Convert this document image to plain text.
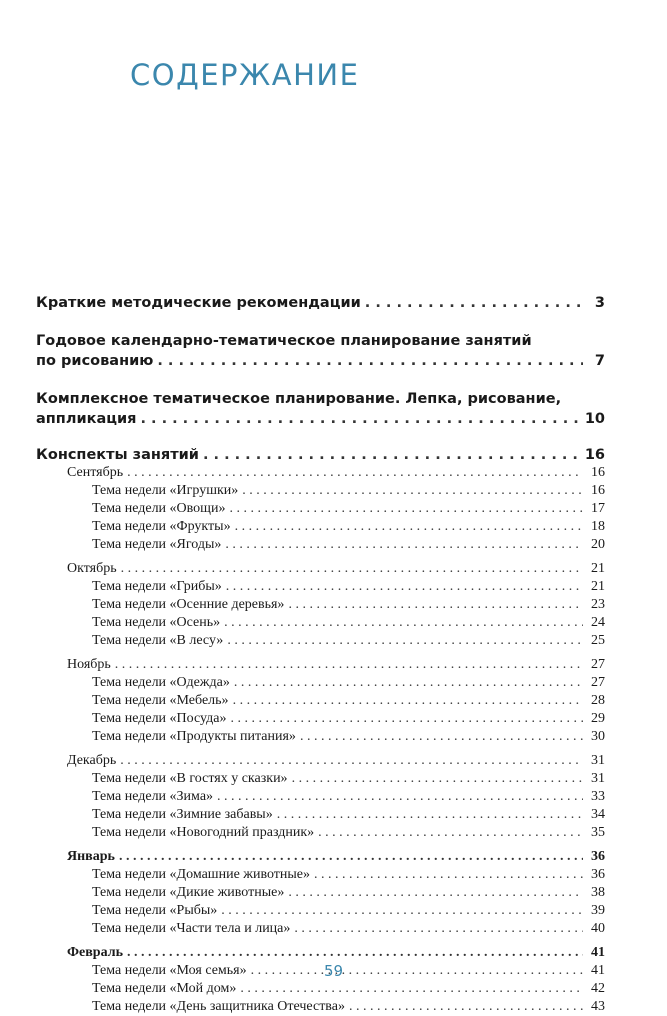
СОДЕРЖАНИЕ
Краткие методические рекомендации . . .	3
Годовое календарно-тематическое планирование занятий
по рисованию . . .	7
Комплексное тематическое планирование. Лепка, рисование,
аппликация . . .	10
Конспекты занятий . . .	16
Сентябрь . . .	16
Тема недели «Игрушки» . . .	16
Тема недели «Овощи» . . .	17
Тема недели «Фрукты» . . .	18
Тема недели «Ягоды» . . .	20
Октябрь . . .	21
Тема недели «Грибы» . . .	21
Тема недели «Осенние деревья» . . .	23
Тема недели «Осень» . . .	24
Тема недели «В лесу» . . .	25
Ноябрь . . .	27
Тема недели «Одежда» . . .	27
Тема недели «Мебель» . . .	28
Тема недели «Посуда» . . .	29
Тема недели «Продукты питания» . . .	30
Декабрь . . .	31
Тема недели «В гостях у сказки» . . .	31
Тема недели «Зима» . . .	33
Тема недели «Зимние забавы» . . .	34
Тема недели «Новогодний праздник» . . .	35
Январь . . .	36
Тема недели «Домашние животные» . . .	36
Тема недели «Дикие животные» . . .	38
Тема недели «Рыбы» . . .	39
Тема недели «Части тела и лица» . . .	40
Февраль . . .	41
Тема недели «Моя семья» . . .	41
Тема недели «Мой дом» . . .	42
Тема недели «День защитника Отечества» . . .	43
59
